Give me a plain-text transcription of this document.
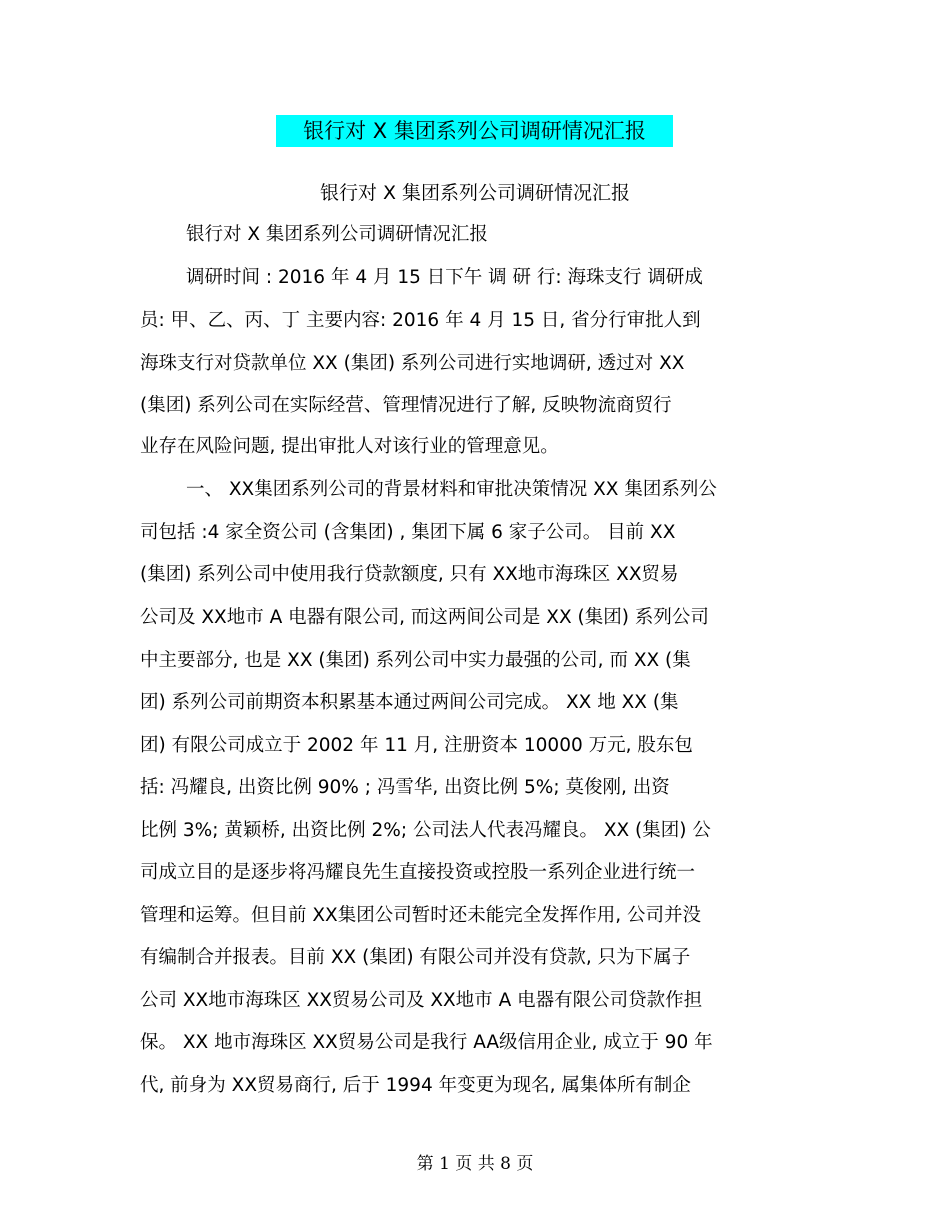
银行对 X 集团系列公司调研情况汇报
银行对 X 集团系列公司调研情况汇报
银行对 X 集团系列公司调研情况汇报
调研时间 : 2016 年 4 月 15 日下午 调 研 行: 海珠支行 调研成
员: 甲、乙、丙、丁 主要内容: 2016 年 4 月 15 日, 省分行审批人到
海珠支行对贷款单位 XX (集团) 系列公司进行实地调研, 透过对 XX
(集团) 系列公司在实际经营、管理情况进行了解, 反映物流商贸行
业存在风险问题, 提出审批人对该行业的管理意见。
一、 XX集团系列公司的背景材料和审批决策情况 XX 集团系列公
司包括 :4 家全资公司 (含集团) , 集团下属 6 家子公司。 目前 XX
(集团) 系列公司中使用我行贷款额度, 只有 XX地市海珠区 XX贸易
公司及 XX地市 A 电器有限公司, 而这两间公司是 XX (集团) 系列公司
中主要部分, 也是 XX (集团) 系列公司中实力最强的公司, 而 XX (集
团) 系列公司前期资本积累基本通过两间公司完成。 XX 地 XX (集
团) 有限公司成立于 2002 年 11 月, 注册资本 10000 万元, 股东包
括: 冯耀良, 出资比例 90% ; 冯雪华, 出资比例 5%; 莫俊刚, 出资
比例 3%; 黄颖桥, 出资比例 2%; 公司法人代表冯耀良。 XX (集团) 公
司成立目的是逐步将冯耀良先生直接投资或控股一系列企业进行统一
管理和运筹。但目前 XX集团公司暂时还未能完全发挥作用, 公司并没
有编制合并报表。目前 XX (集团) 有限公司并没有贷款, 只为下属子
公司 XX地市海珠区 XX贸易公司及 XX地市 A 电器有限公司贷款作担
保。 XX 地市海珠区 XX贸易公司是我行 AA级信用企业, 成立于 90 年
代, 前身为 XX贸易商行, 后于 1994 年变更为现名, 属集体所有制企
第 1 页 共 8 页
